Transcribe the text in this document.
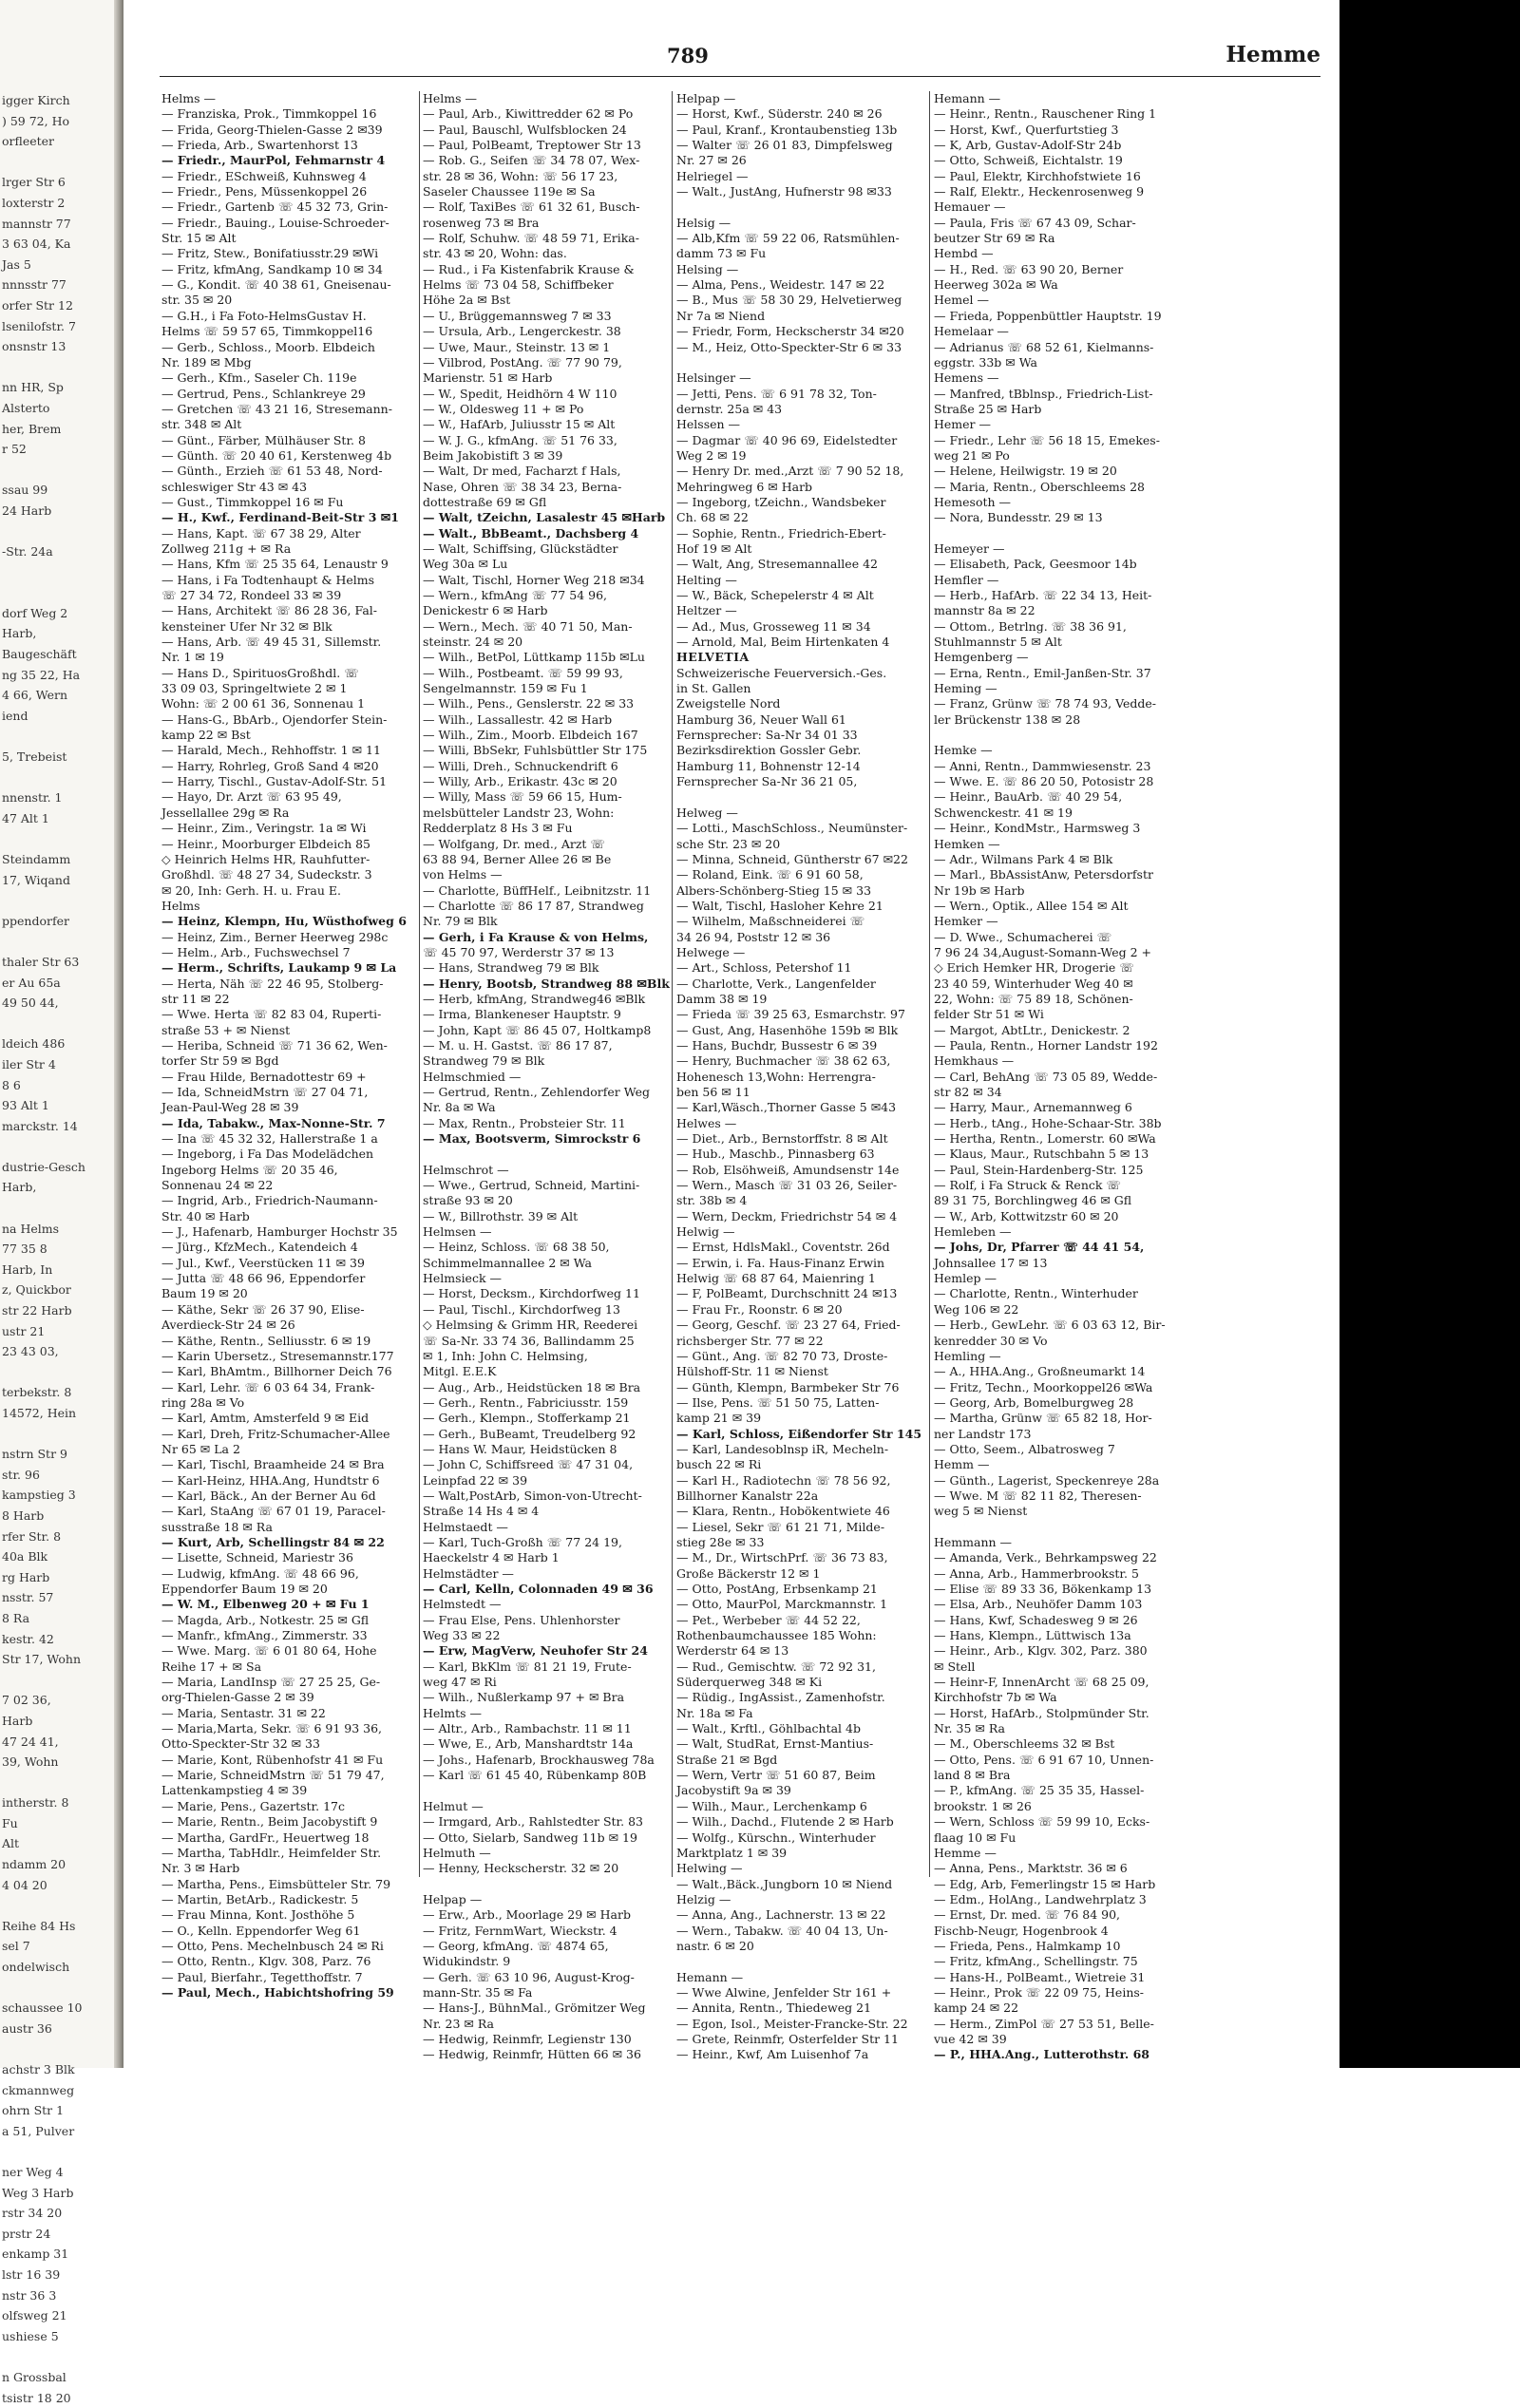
igger Kirch
) 59 72, Ho
orfleeter

lrger Str 6
loxterstr 2
mannstr 77
3 63 04, Ka
Jas 5
nnnsstr 77
orfer Str 12
lsenilofstr. 7
onsnstr 13

nn HR, Sp
Alsterto
her, Brem
r 52

ssau 99
24 Harb

-Str. 24a

dorf Weg 2
Harb,
Baugeschäft
ng 35 22, Ha
4 66, Wern
iend

5, Trebeist

nnenstr. 1
47 Alt 1

Steindamm
17, Wiqand

ppendorfer

thaler Str 63
er Au 65a
49 50 44,

ldeich 486
iler Str 4
8 6
93 Alt 1
marckstr. 14

dustrie-Gesch
Harb,

na Helms
77 35 8
Harb, In
z, Quickbor
str 22 Harb
ustr 21
23 43 03,

terbekstr. 8
14572, Hein

nstrn Str 9
str. 96
kampstieg 3
8 Harb
rfer Str. 8
40a Blk
rg Harb
nsstr. 57
8 Ra
kestr. 42
Str 17, Wohn

7 02 36,
Harb
47 24 41,
39, Wohn

intherstr. 8
Fu
Alt
ndamm 20
4 04 20

Reihe 84 Hs
sel 7
ondelwisch

schaussee 10
austr 36

achstr 3 Blk
ckmannweg
ohrn Str 1
a 51, Pulver

ner Weg 4
Weg 3 Harb
rstr 34 20
prstr 24
enkamp 31
lstr 16 39
nstr 36 3
olfsweg 21
ushiese 5

n Grossbal
tsistr 18 20
789	Hemme
Helms —
— Franziska, Prok., Timmkoppel 16
— Frida, Georg-Thielen-Gasse 2 ✉39
— Frieda, Arb., Swartenhorst 13
— Friedr., MaurPol, Fehmarnstr 4
— Friedr., ESchweiß, Kuhnsweg 4
— Friedr., Pens, Müssenkoppel 26
— Friedr., Gartenb ☏ 45 32 73, Grin-
— Friedr., Bauing., Louise-Schroeder-
Str. 15 ✉ Alt
— Fritz, Stew., Bonifatiusstr.29 ✉Wi
— Fritz, kfmAng, Sandkamp 10 ✉ 34
— G., Kondit. ☏ 40 38 61, Gneisenau-
str. 35 ✉ 20
— G.H., i Fa Foto-HelmsGustav H.
Helms ☏ 59 57 65, Timmkoppel16
— Gerb., Schloss., Moorb. Elbdeich
Nr. 189 ✉ Mbg
— Gerh., Kfm., Saseler Ch. 119e
— Gertrud, Pens., Schlankreye 29
— Gretchen ☏ 43 21 16, Stresemann-
str. 348 ✉ Alt
— Günt., Färber, Mülhäuser Str. 8
— Günth. ☏ 20 40 61, Kerstenweg 4b
— Günth., Erzieh ☏ 61 53 48, Nord-
schleswiger Str 43 ✉ 43
— Gust., Timmkoppel 16 ✉ Fu
— H., Kwf., Ferdinand-Beit-Str 3 ✉1
— Hans, Kapt. ☏ 67 38 29, Alter
Zollweg 211g + ✉ Ra
— Hans, Kfm ☏ 25 35 64, Lenaustr 9
— Hans, i Fa Todtenhaupt & Helms
☏ 27 34 72, Rondeel 33 ✉ 39
— Hans, Architekt ☏ 86 28 36, Fal-
kensteiner Ufer Nr 32 ✉ Blk
— Hans, Arb. ☏ 49 45 31, Sillemstr.
Nr. 1 ✉ 19
— Hans D., SpirituosGroßhdl. ☏
33 09 03, Springeltwiete 2 ✉ 1
Wohn: ☏ 2 00 61 36, Sonnenau 1
— Hans-G., BbArb., Ojendorfer Stein-
kamp 22 ✉ Bst
— Harald, Mech., Rehhoffstr. 1 ✉ 11
— Harry, Rohrleg, Groß Sand 4 ✉20
— Harry, Tischl., Gustav-Adolf-Str. 51
— Hayo, Dr. Arzt ☏ 63 95 49,
Jessellallee 29g ✉ Ra
— Heinr., Zim., Veringstr. 1a ✉ Wi
— Heinr., Moorburger Elbdeich 85
◇ Heinrich Helms HR, Rauhfutter-
Großhdl. ☏ 48 27 34, Sudeckstr. 3
✉ 20, Inh: Gerh. H. u. Frau E.
Helms
— Heinz, Klempn, Hu, Wüsthofweg 6
— Heinz, Zim., Berner Heerweg 298c
— Helm., Arb., Fuchswechsel 7
— Herm., Schrifts, Laukamp 9 ✉ La
— Herta, Näh ☏ 22 46 95, Stolberg-
str 11 ✉ 22
— Wwe. Herta ☏ 82 83 04, Ruperti-
straße 53 + ✉ Nienst
— Heriba, Schneid ☏ 71 36 62, Wen-
torfer Str 59 ✉ Bgd
— Frau Hilde, Bernadottestr 69 +
— Ida, SchneidMstrn ☏ 27 04 71,
Jean-Paul-Weg 28 ✉ 39
— Ida, Tabakw., Max-Nonne-Str. 7
— Ina ☏ 45 32 32, Hallerstraße 1 a
— Ingeborg, i Fa Das Modelädchen
Ingeborg Helms ☏ 20 35 46,
Sonnenau 24 ✉ 22
— Ingrid, Arb., Friedrich-Naumann-
Str. 40 ✉ Harb
— J., Hafenarb, Hamburger Hochstr 35
— Jürg., KfzMech., Katendeich 4
— Jul., Kwf., Veerstücken 11 ✉ 39
— Jutta ☏ 48 66 96, Eppendorfer
Baum 19 ✉ 20
— Käthe, Sekr ☏ 26 37 90, Elise-
Averdieck-Str 24 ✉ 26
— Käthe, Rentn., Selliusstr. 6 ✉ 19
— Karin Ubersetz., Stresemannstr.177
— Karl, BhAmtm., Billhorner Deich 76
— Karl, Lehr. ☏ 6 03 64 34, Frank-
ring 28a ✉ Vo
— Karl, Amtm, Amsterfeld 9 ✉ Eid
— Karl, Dreh, Fritz-Schumacher-Allee
Nr 65 ✉ La 2
— Karl, Tischl, Braamheide 24 ✉ Bra
— Karl-Heinz, HHA.Ang, Hundtstr 6
— Karl, Bäck., An der Berner Au 6d
— Karl, StaAng ☏ 67 01 19, Paracel-
susstraße 18 ✉ Ra
— Kurt, Arb, Schellingstr 84 ✉ 22
— Lisette, Schneid, Mariestr 36
— Ludwig, kfmAng. ☏ 48 66 96,
Eppendorfer Baum 19 ✉ 20
— W. M., Elbenweg 20 + ✉ Fu 1
— Magda, Arb., Notkestr. 25 ✉ Gfl
— Manfr., kfmAng., Zimmerstr. 33
— Wwe. Marg. ☏ 6 01 80 64, Hohe
Reihe 17 + ✉ Sa
— Maria, LandInsp ☏ 27 25 25, Ge-
org-Thielen-Gasse 2 ✉ 39
— Maria, Sentastr. 31 ✉ 22
— Maria,Marta, Sekr. ☏ 6 91 93 36,
Otto-Speckter-Str 32 ✉ 33
— Marie, Kont, Rübenhofstr 41 ✉ Fu
— Marie, SchneidMstrn ☏ 51 79 47,
Lattenkampstieg 4 ✉ 39
— Marie, Pens., Gazertstr. 17c
— Marie, Rentn., Beim Jacobystift 9
— Martha, GardFr., Heuertweg 18
— Martha, TabHdlr., Heimfelder Str.
Nr. 3 ✉ Harb
— Martha, Pens., Eimsbütteler Str. 79
— Martin, BetArb., Radickestr. 5
— Frau Minna, Kont. Josthöhe 5
— O., Kelln. Eppendorfer Weg 61
— Otto, Pens. Mechelnbusch 24 ✉ Ri
— Otto, Rentn., Klgv. 308, Parz. 76
— Paul, Bierfahr., Tegetthoffstr. 7
— Paul, Mech., Habichtshofring 59
Helms —
— Paul, Arb., Kiwittredder 62 ✉ Po
— Paul, Bauschl, Wulfsblocken 24
— Paul, PolBeamt, Treptower Str 13
— Rob. G., Seifen ☏ 34 78 07, Wex-
str. 28 ✉ 36, Wohn: ☏ 56 17 23,
Saseler Chaussee 119e ✉ Sa
— Rolf, TaxiBes ☏ 61 32 61, Busch-
rosenweg 73 ✉ Bra
— Rolf, Schuhw. ☏ 48 59 71, Erika-
str. 43 ✉ 20, Wohn: das.
— Rud., i Fa Kistenfabrik Krause &
Helms ☏ 73 04 58, Schiffbeker
Höhe 2a ✉ Bst
— U., Brüggemannsweg 7 ✉ 33
— Ursula, Arb., Lengerckestr. 38
— Uwe, Maur., Steinstr. 13 ✉ 1
— Vilbrod, PostAng. ☏ 77 90 79,
Marienstr. 51 ✉ Harb
— W., Spedit, Heidhörn 4 W 110
— W., Oldesweg 11 + ✉ Po
— W., HafArb, Juliusstr 15 ✉ Alt
— W. J. G., kfmAng. ☏ 51 76 33,
Beim Jakobistift 3 ✉ 39
— Walt, Dr med, Facharzt f Hals,
Nase, Ohren ☏ 38 34 23, Berna-
dottestraße 69 ✉ Gfl
— Walt, tZeichn, Lasalestr 45 ✉Harb
— Walt., BbBeamt., Dachsberg 4
— Walt, Schiffsing, Glückstädter
Weg 30a ✉ Lu
— Walt, Tischl, Horner Weg 218 ✉34
— Wern., kfmAng ☏ 77 54 96,
Denickestr 6 ✉ Harb
— Wern., Mech. ☏ 40 71 50, Man-
steinstr. 24 ✉ 20
— Wilh., BetPol, Lüttkamp 115b ✉Lu
— Wilh., Postbeamt. ☏ 59 99 93,
Sengelmannstr. 159 ✉ Fu 1
— Wilh., Pens., Genslerstr. 22 ✉ 33
— Wilh., Lassallestr. 42 ✉ Harb
— Wilh., Zim., Moorb. Elbdeich 167
— Willi, BbSekr, Fuhlsbüttler Str 175
— Willi, Dreh., Schnuckendrift 6
— Willy, Arb., Erikastr. 43c ✉ 20
— Willy, Mass ☏ 59 66 15, Hum-
melsbütteler Landstr 23, Wohn:
Redderplatz 8 Hs 3 ✉ Fu
— Wolfgang, Dr. med., Arzt ☏
63 88 94, Berner Allee 26 ✉ Be
von Helms —
— Charlotte, BüffHelf., Leibnitzstr. 11
— Charlotte ☏ 86 17 87, Strandweg
Nr. 79 ✉ Blk
— Gerh, i Fa Krause & von Helms,
☏ 45 70 97, Werderstr 37 ✉ 13
— Hans, Strandweg 79 ✉ Blk
— Henry, Bootsb, Strandweg 88 ✉Blk
— Herb, kfmAng, Strandweg46 ✉Blk
— Irma, Blankeneser Hauptstr. 9
— John, Kapt ☏ 86 45 07, Holtkamp8
— M. u. H. Gastst. ☏ 86 17 87,
Strandweg 79 ✉ Blk
Helmschmied —
— Gertrud, Rentn., Zehlendorfer Weg
Nr. 8a ✉ Wa
— Max, Rentn., Probsteier Str. 11
— Max, Bootsverm, Simrockstr 6

Helmschrot —
— Wwe., Gertrud, Schneid, Martini-
straße 93 ✉ 20
— W., Billrothstr. 39 ✉ Alt
Helmsen —
— Heinz, Schloss. ☏ 68 38 50,
Schimmelmannallee 2 ✉ Wa
Helmsieck —
— Horst, Decksm., Kirchdorfweg 11
— Paul, Tischl., Kirchdorfweg 13
◇ Helmsing & Grimm HR, Reederei
☏ Sa-Nr. 33 74 36, Ballindamm 25
✉ 1, Inh: John C. Helmsing,
Mitgl. E.E.K
— Aug., Arb., Heidstücken 18 ✉ Bra
— Gerh., Rentn., Fabriciusstr. 159
— Gerh., Klempn., Stofferkamp 21
— Gerh., BuBeamt, Treudelberg 92
— Hans W. Maur, Heidstücken 8
— John C, Schiffsreed ☏ 47 31 04,
Leinpfad 22 ✉ 39
— Walt,PostArb, Simon-von-Utrecht-
Straße 14 Hs 4 ✉ 4
Helmstaedt —
— Karl, Tuch-Großh ☏ 77 24 19,
Haeckelstr 4 ✉ Harb 1
Helmstädter —
— Carl, Kelln, Colonnaden 49 ✉ 36
Helmstedt —
— Frau Else, Pens. Uhlenhorster
Weg 33 ✉ 22
— Erw, MagVerw, Neuhofer Str 24
— Karl, BkKlm ☏ 81 21 19, Frute-
weg 47 ✉ Ri
— Wilh., Nußlerkamp 97 + ✉ Bra
Helmts —
— Altr., Arb., Rambachstr. 11 ✉ 11
— Wwe, E., Arb, Manshardtstr 14a
— Johs., Hafenarb, Brockhausweg 78a
— Karl ☏ 61 45 40, Rübenkamp 80B

Helmut —
— Irmgard, Arb., Rahlstedter Str. 83
— Otto, Sielarb, Sandweg 11b ✉ 19
Helmuth —
— Henny, Heckscherstr. 32 ✉ 20

Helpap —
— Erw., Arb., Moorlage 29 ✉ Harb
— Fritz, FernmWart, Wieckstr. 4
— Georg, kfmAng. ☏ 4874 65,
Widukindstr. 9
— Gerh. ☏ 63 10 96, August-Krog-
mann-Str. 35 ✉ Fa
— Hans-J., BühnMal., Grömitzer Weg
Nr. 23 ✉ Ra
— Hedwig, Reinmfr, Legienstr 130
— Hedwig, Reinmfr, Hütten 66 ✉ 36
Helpap —
— Horst, Kwf., Süderstr. 240 ✉ 26
— Paul, Kranf., Krontaubenstieg 13b
— Walter ☏ 26 01 83, Dimpfelsweg
Nr. 27 ✉ 26
Helriegel —
— Walt., JustAng, Hufnerstr 98 ✉33

Helsig —
— Alb,Kfm ☏ 59 22 06, Ratsmühlen-
damm 73 ✉ Fu
Helsing —
— Alma, Pens., Weidestr. 147 ✉ 22
— B., Mus ☏ 58 30 29, Helvetierweg
Nr 7a ✉ Niend
— Friedr, Form, Heckscherstr 34 ✉20
— M., Heiz, Otto-Speckter-Str 6 ✉ 33

Helsinger —
— Jetti, Pens. ☏ 6 91 78 32, Ton-
dernstr. 25a ✉ 43
Helssen —
— Dagmar ☏ 40 96 69, Eidelstedter
Weg 2 ✉ 19
— Henry Dr. med.,Arzt ☏ 7 90 52 18,
Mehringweg 6 ✉ Harb
— Ingeborg, tZeichn., Wandsbeker
Ch. 68 ✉ 22
— Sophie, Rentn., Friedrich-Ebert-
Hof 19 ✉ Alt
— Walt, Ang, Stresemannallee 42
Helting —
— W., Bäck, Schepelerstr 4 ✉ Alt
Heltzer —
— Ad., Mus, Grosseweg 11 ✉ 34
— Arnold, Mal, Beim Hirtenkaten 4
HELVETIA
Schweizerische Feuerversich.-Ges.
in St. Gallen
Zweigstelle Nord
Hamburg 36, Neuer Wall 61
Fernsprecher: Sa-Nr 34 01 33
Bezirksdirektion Gossler Gebr.
Hamburg 11, Bohnenstr 12-14
Fernsprecher Sa-Nr 36 21 05,

Helweg —
— Lotti., MaschSchloss., Neumünster-
sche Str. 23 ✉ 20
— Minna, Schneid, Güntherstr 67 ✉22
— Roland, Eink. ☏ 6 91 60 58,
Albers-Schönberg-Stieg 15 ✉ 33
— Walt, Tischl, Hasloher Kehre 21
— Wilhelm, Maßschneiderei ☏
34 26 94, Poststr 12 ✉ 36
Helwege —
— Art., Schloss, Petershof 11
— Charlotte, Verk., Langenfelder
Damm 38 ✉ 19
— Frieda ☏ 39 25 63, Esmarchstr. 97
— Gust, Ang, Hasenhöhe 159b ✉ Blk
— Hans, Buchdr, Bussestr 6 ✉ 39
— Henry, Buchmacher ☏ 38 62 63,
Hohenesch 13,Wohn: Herrengra-
ben 56 ✉ 11
— Karl,Wäsch.,Thorner Gasse 5 ✉43
Helwes —
— Diet., Arb., Bernstorffstr. 8 ✉ Alt
— Hub., Maschb., Pinnasberg 63
— Rob, Elsöhweiß, Amundsenstr 14e
— Wern., Masch ☏ 31 03 26, Seiler-
str. 38b ✉ 4
— Wern, Deckm, Friedrichstr 54 ✉ 4
Helwig —
— Ernst, HdlsMakl., Coventstr. 26d
— Erwin, i. Fa. Haus-Finanz Erwin
Helwig ☏ 68 87 64, Maienring 1
— F, PolBeamt, Durchschnitt 24 ✉13
— Frau Fr., Roonstr. 6 ✉ 20
— Georg, Geschf. ☏ 23 27 64, Fried-
richsberger Str. 77 ✉ 22
— Günt., Ang. ☏ 82 70 73, Droste-
Hülshoff-Str. 11 ✉ Nienst
— Günth, Klempn, Barmbeker Str 76
— Ilse, Pens. ☏ 51 50 75, Latten-
kamp 21 ✉ 39
— Karl, Schloss, Eißendorfer Str 145
— Karl, Landesoblnsp iR, Mecheln-
busch 22 ✉ Ri
— Karl H., Radiotechn ☏ 78 56 92,
Billhorner Kanalstr 22a
— Klara, Rentn., Hobökentwiete 46
— Liesel, Sekr ☏ 61 21 71, Milde-
stieg 28e ✉ 33
— M., Dr., WirtschPrf. ☏ 36 73 83,
Große Bäckerstr 12 ✉ 1
— Otto, PostAng, Erbsenkamp 21
— Otto, MaurPol, Marckmannstr. 1
— Pet., Werbeber ☏ 44 52 22,
Rothenbaumchaussee 185 Wohn:
Werderstr 64 ✉ 13
— Rud., Gemischtw. ☏ 72 92 31,
Süderquerweg 348 ✉ Ki
— Rüdig., IngAssist., Zamenhofstr.
Nr. 18a ✉ Fa
— Walt., Krftl., Göhlbachtal 4b
— Walt, StudRat, Ernst-Mantius-
Straße 21 ✉ Bgd
— Wern, Vertr ☏ 51 60 87, Beim
Jacobystift 9a ✉ 39
— Wilh., Maur., Lerchenkamp 6
— Wilh., Dachd., Flutende 2 ✉ Harb
— Wolfg., Kürschn., Winterhuder
Marktplatz 1 ✉ 39
Helwing —
— Walt.,Bäck.,Jungborn 10 ✉ Niend
Helzig —
— Anna, Ang., Lachnerstr. 13 ✉ 22
— Wern., Tabakw. ☏ 40 04 13, Un-
nastr. 6 ✉ 20

Hemann —
— Wwe Alwine, Jenfelder Str 161 +
— Annita, Rentn., Thiedeweg 21
— Egon, Isol., Meister-Francke-Str. 22
— Grete, Reinmfr, Osterfelder Str 11
— Heinr., Kwf, Am Luisenhof 7a
Hemann —
— Heinr., Rentn., Rauschener Ring 1
— Horst, Kwf., Querfurtstieg 3
— K, Arb, Gustav-Adolf-Str 24b
— Otto, Schweiß, Eichtalstr. 19
— Paul, Elektr, Kirchhofstwiete 16
— Ralf, Elektr., Heckenrosenweg 9
Hemauer —
— Paula, Fris ☏ 67 43 09, Schar-
beutzer Str 69 ✉ Ra
Hembd —
— H., Red. ☏ 63 90 20, Berner
Heerweg 302a ✉ Wa
Hemel —
— Frieda, Poppenbüttler Hauptstr. 19
Hemelaar —
— Adrianus ☏ 68 52 61, Kielmanns-
eggstr. 33b ✉ Wa
Hemens —
— Manfred, tBblnsp., Friedrich-List-
Straße 25 ✉ Harb
Hemer —
— Friedr., Lehr ☏ 56 18 15, Emekes-
weg 21 ✉ Po
— Helene, Heilwigstr. 19 ✉ 20
— Maria, Rentn., Oberschleems 28
Hemesoth —
— Nora, Bundesstr. 29 ✉ 13

Hemeyer —
— Elisabeth, Pack, Geesmoor 14b
Hemfler —
— Herb., HafArb. ☏ 22 34 13, Heit-
mannstr 8a ✉ 22
— Ottom., Betrlng. ☏ 38 36 91,
Stuhlmannstr 5 ✉ Alt
Hemgenberg —
— Erna, Rentn., Emil-Janßen-Str. 37
Heming —
— Franz, Grünw ☏ 78 74 93, Vedde-
ler Brückenstr 138 ✉ 28

Hemke —
— Anni, Rentn., Dammwiesenstr. 23
— Wwe. E. ☏ 86 20 50, Potosistr 28
— Heinr., BauArb. ☏ 40 29 54,
Schwenckestr. 41 ✉ 19
— Heinr., KondMstr., Harmsweg 3
Hemken —
— Adr., Wilmans Park 4 ✉ Blk
— Marl., BbAssistAnw, Petersdorfstr
Nr 19b ✉ Harb
— Wern., Optik., Allee 154 ✉ Alt
Hemker —
— D. Wwe., Schumacherei ☏
7 96 24 34,August-Somann-Weg 2 +
◇ Erich Hemker HR, Drogerie ☏
23 40 59, Winterhuder Weg 40 ✉
22, Wohn: ☏ 75 89 18, Schönen-
felder Str 51 ✉ Wi
— Margot, AbtLtr., Denickestr. 2
— Paula, Rentn., Horner Landstr 192
Hemkhaus —
— Carl, BehAng ☏ 73 05 89, Wedde-
str 82 ✉ 34
— Harry, Maur., Arnemannweg 6
— Herb., tAng., Hohe-Schaar-Str. 38b
— Hertha, Rentn., Lomerstr. 60 ✉Wa
— Klaus, Maur., Rutschbahn 5 ✉ 13
— Paul, Stein-Hardenberg-Str. 125
— Rolf, i Fa Struck & Renck ☏
89 31 75, Borchlingweg 46 ✉ Gfl
— W., Arb, Kottwitzstr 60 ✉ 20
Hemleben —
— Johs, Dr, Pfarrer ☏ 44 41 54,
Johnsallee 17 ✉ 13
Hemlep —
— Charlotte, Rentn., Winterhuder
Weg 106 ✉ 22
— Herb., GewLehr. ☏ 6 03 63 12, Bir-
kenredder 30 ✉ Vo
Hemling —
— A., HHA.Ang., Großneumarkt 14
— Fritz, Techn., Moorkoppel26 ✉Wa
— Georg, Arb, Bomelburgweg 28
— Martha, Grünw ☏ 65 82 18, Hor-
ner Landstr 173
— Otto, Seem., Albatrosweg 7
Hemm —
— Günth., Lagerist, Speckenreye 28a
— Wwe. M ☏ 82 11 82, Theresen-
weg 5 ✉ Nienst

Hemmann —
— Amanda, Verk., Behrkampsweg 22
— Anna, Arb., Hammerbrookstr. 5
— Elise ☏ 89 33 36, Bökenkamp 13
— Elsa, Arb., Neuhöfer Damm 103
— Hans, Kwf, Schadesweg 9 ✉ 26
— Hans, Klempn., Lüttwisch 13a
— Heinr., Arb., Klgv. 302, Parz. 380
✉ Stell
— Heinr-F, InnenArcht ☏ 68 25 09,
Kirchhofstr 7b ✉ Wa
— Horst, HafArb., Stolpmünder Str.
Nr. 35 ✉ Ra
— M., Oberschleems 32 ✉ Bst
— Otto, Pens. ☏ 6 91 67 10, Unnen-
land 8 ✉ Bra
— P., kfmAng. ☏ 25 35 35, Hassel-
brookstr. 1 ✉ 26
— Wern, Schloss ☏ 59 99 10, Ecks-
flaag 10 ✉ Fu
Hemme —
— Anna, Pens., Marktstr. 36 ✉ 6
— Edg, Arb, Femerlingstr 15 ✉ Harb
— Edm., HolAng., Landwehrplatz 3
— Ernst, Dr. med. ☏ 76 84 90,
Fischb-Neugr, Hogenbrook 4
— Frieda, Pens., Halmkamp 10
— Fritz, kfmAng., Schellingstr. 75
— Hans-H., PolBeamt., Wietreie 31
— Heinr., Prok ☏ 22 09 75, Heins-
kamp 24 ✉ 22
— Herm., ZimPol ☏ 27 53 51, Belle-
vue 42 ✉ 39
— P., HHA.Ang., Lutterothstr. 68
